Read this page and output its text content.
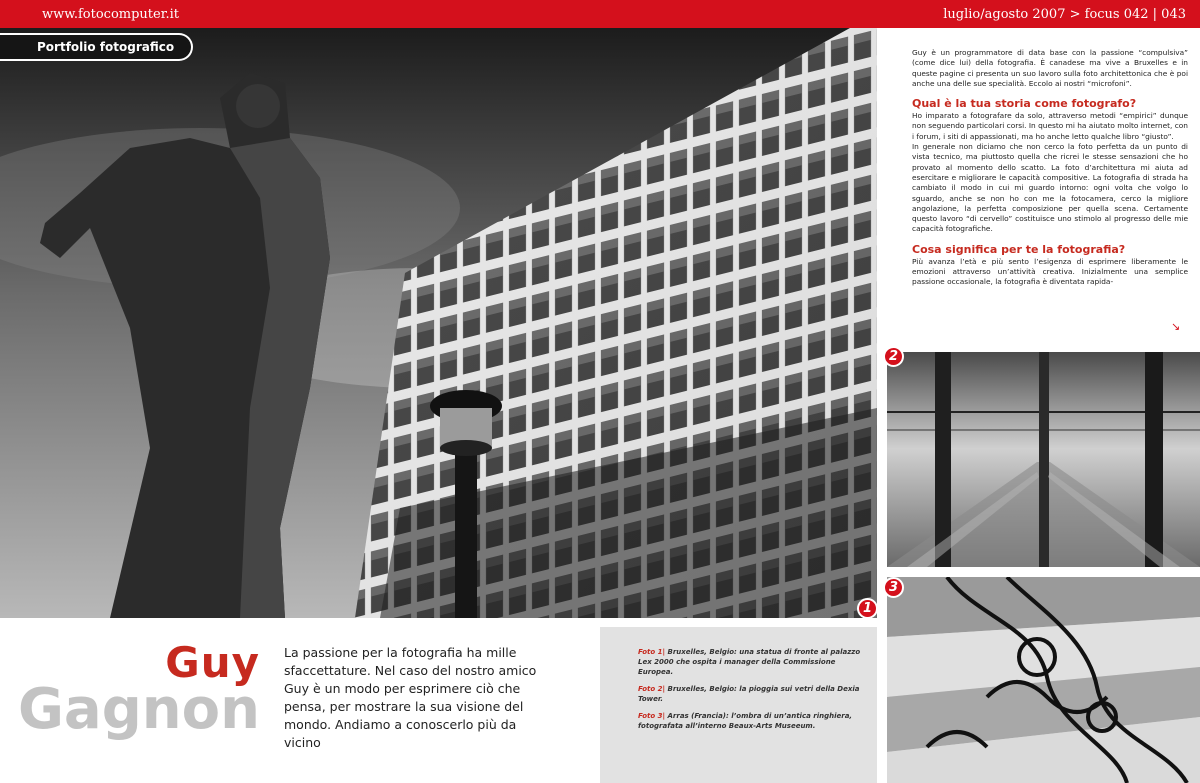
www.fotocomputer.it	luglio/agosto 2007 > focus 042 | 043
Portfolio fotografico
1
Guy
Gagnon
La passione per la fotografia ha mille sfaccettature. Nel caso del nostro amico Guy è un modo per esprimere ciò che pensa, per mostrare la sua visione del mondo. Andiamo a conoscerlo più da vicino

Foto 1| Bruxelles, Belgio: una statua di fronte al palazzo Lex 2000 che ospita i manager della Commissione Europea.

Foto 2| Bruxelles, Belgio: la pioggia sui vetri della Dexia Tower.

Foto 3| Arras (Francia): l’ombra di un’antica ringhiera, fotografata all’interno Beaux-Arts Museeum.

Guy è un programmatore di data base con la passione “compulsiva” (come dice lui) della fotografia. È canadese ma vive a Bruxelles e in queste pagine ci presenta un suo lavoro sulla foto architettonica che è poi anche una delle sue specialità. Eccolo ai nostri “microfoni”.

Qual è la tua storia come fotografo?

Ho imparato a fotografare da solo, attraverso metodi “empirici” dunque non seguendo particolari corsi. In questo mi ha aiutato molto internet, con i forum, i siti di appassionati, ma ho anche letto qualche libro “giusto”.

In generale non diciamo che non cerco la foto perfetta da un punto di vista tecnico, ma piuttosto quella che ricrei le stesse sensazioni che ho provato al momento dello scatto. La foto d’architettura mi aiuta ad esercitare e migliorare le capacità compositive. La fotografia di strada ha cambiato il modo in cui mi guardo intorno: ogni volta che volgo lo sguardo, anche se non ho con me la fotocamera, cerco la migliore angolazione, la perfetta composizione per quella scena. Certamente questo lavoro “di cervello” costituisce uno stimolo al progresso delle mie capacità fotografiche.

Cosa significa per te la fotografia?

Più avanza l’età e più sento l’esigenza di esprimere liberamente le emozioni attraverso un’attività creativa. Inizialmente una semplice passione occasionale, la fotografia è diventata rapida-

↘
2
3
